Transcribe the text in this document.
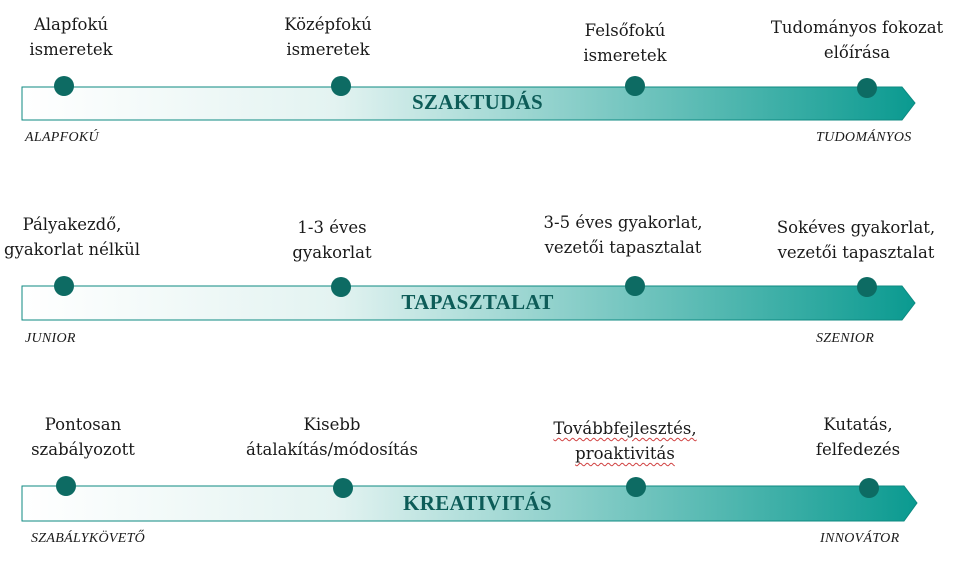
SZAKTUDÁS
Alapfokú
ismeretek
Középfokú
ismeretek
Felsőfokú
ismeretek
Tudományos fokozat
előírása
ALAPFOKÚ	TUDOMÁNYOS
TAPASZTALAT
Pályakezdő,
gyakorlat nélkül
1-3 éves
gyakorlat
3-5 éves gyakorlat,
vezetői tapasztalat
Sokéves gyakorlat,
vezetői tapasztalat
JUNIOR	SZENIOR
KREATIVITÁS
Pontosan
szabályozott
Kisebb
átalakítás/módosítás
Továbbfejlesztés,
proaktivitás
Kutatás,
felfedezés
SZABÁLYKÖVETŐ	INNOVÁTOR
